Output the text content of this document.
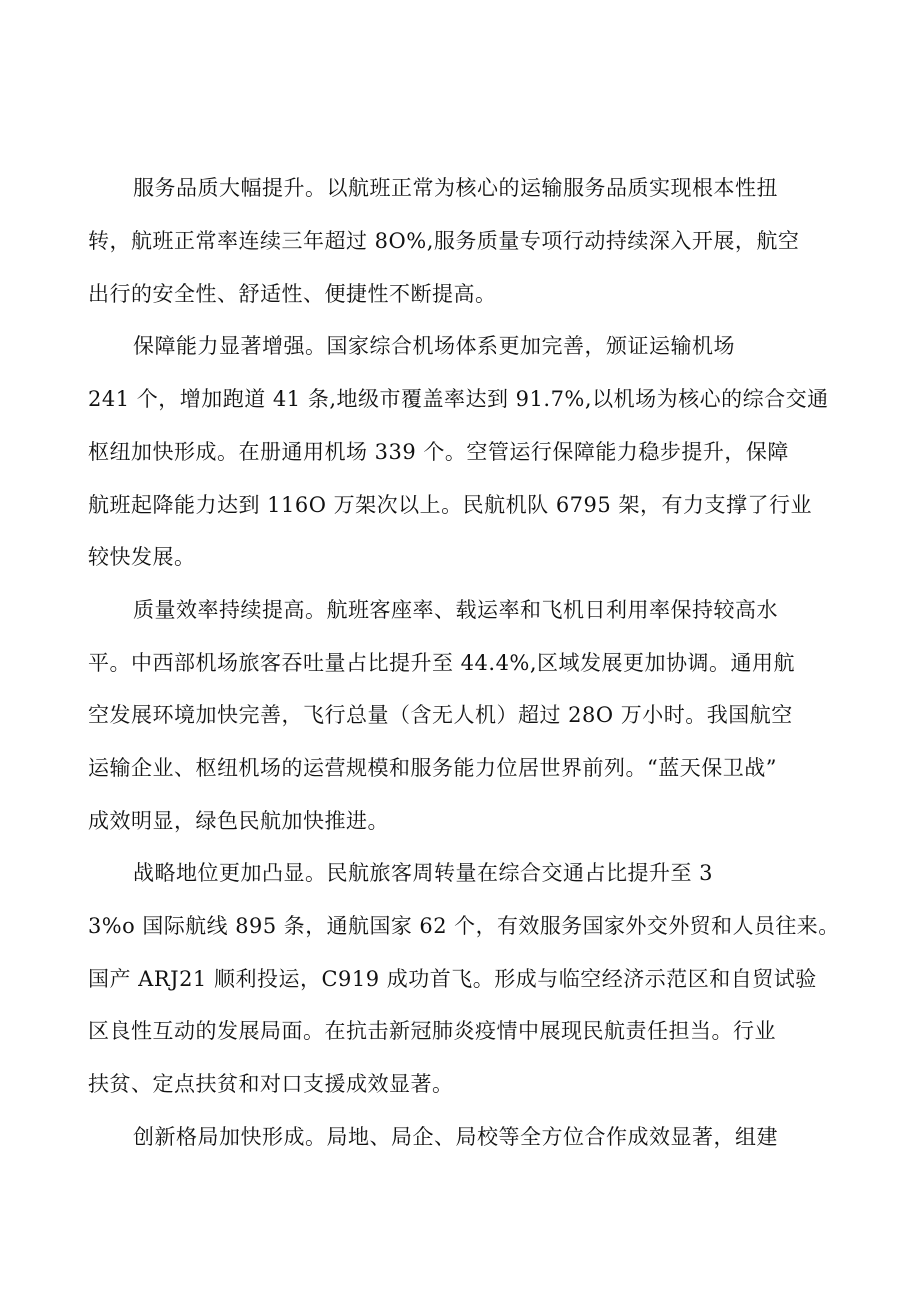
服务品质大幅提升。以航班正常为核心的运输服务品质实现根本性扭

转，航班正常率连续三年超过 8O%,服务质量专项行动持续深入开展，航空

出行的安全性、舒适性、便捷性不断提高。

保障能力显著增强。国家综合机场体系更加完善，颁证运输机场

241 个，增加跑道 41 条,地级市覆盖率达到 91.7%,以机场为核心的综合交通

枢纽加快形成。在册通用机场 339 个。空管运行保障能力稳步提升，保障

航班起降能力达到 116O 万架次以上。民航机队 6795 架，有力支撑了行业

较快发展。

质量效率持续提高。航班客座率、载运率和飞机日利用率保持较高水

平。中西部机场旅客吞吐量占比提升至 44.4%,区域发展更加协调。通用航

空发展环境加快完善，飞行总量（含无人机）超过 28O 万小时。我国航空

运输企业、枢纽机场的运营规模和服务能力位居世界前列。“蓝天保卫战”

成效明显，绿色民航加快推进。

战略地位更加凸显。民航旅客周转量在综合交通占比提升至 3

3%o 国际航线 895 条，通航国家 62 个，有效服务国家外交外贸和人员往来。

国产 ARJ21 顺利投运，C919 成功首飞。形成与临空经济示范区和自贸试验

区良性互动的发展局面。在抗击新冠肺炎疫情中展现民航责任担当。行业

扶贫、定点扶贫和对口支援成效显著。

创新格局加快形成。局地、局企、局校等全方位合作成效显著，组建
